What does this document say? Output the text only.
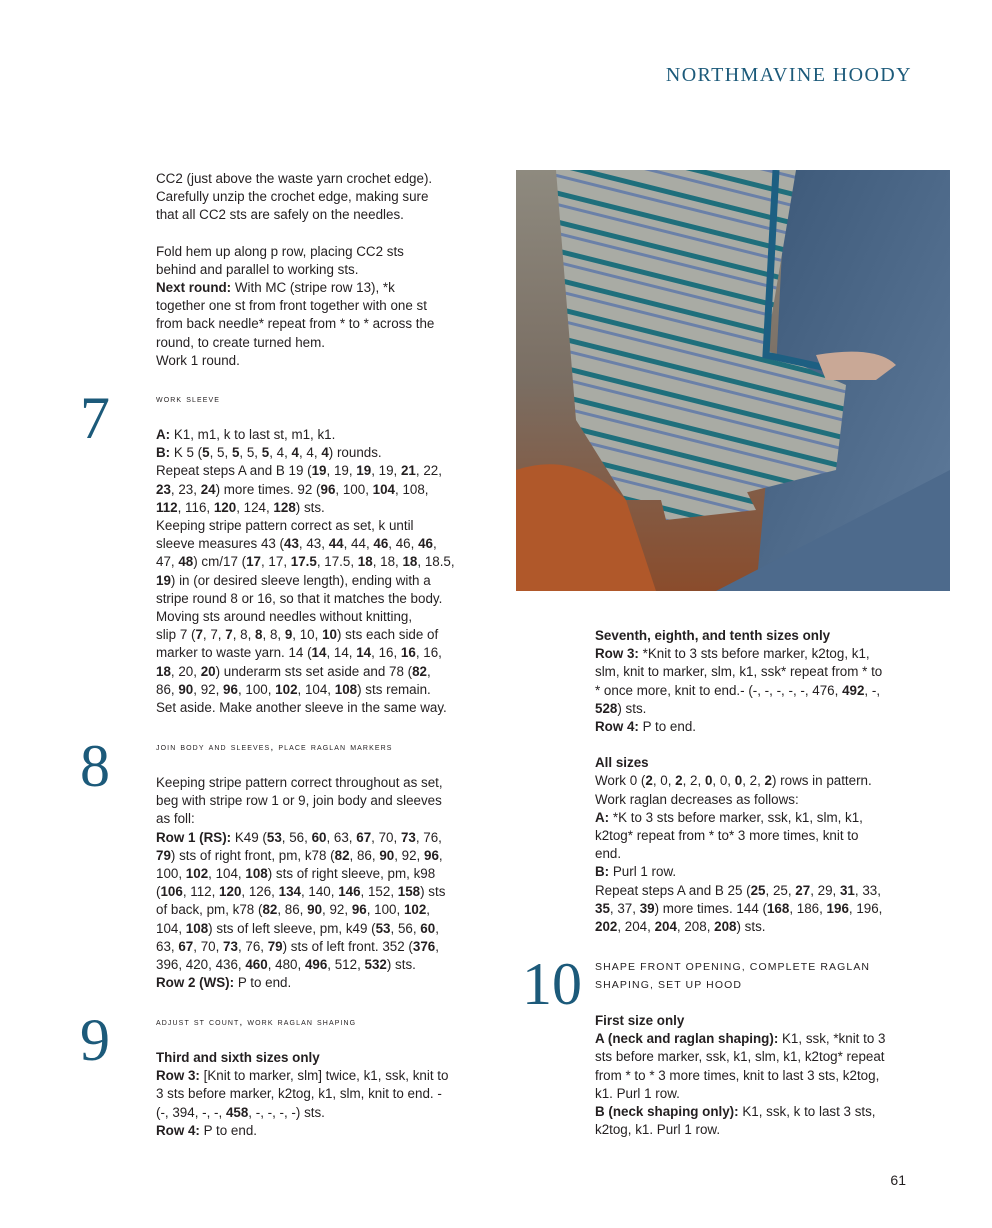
NORTHMAVINE HOODY

CC2 (just above the waste yarn crochet edge).
Carefully unzip the crochet edge, making sure
that all CC2 sts are safely on the needles.

Fold hem up along p row, placing CC2 sts
behind and parallel to working sts.
Next round: With MC (stripe row 13), *k
together one st from front together with one st
from back needle* repeat from * to * across the
round, to create turned hem.
Work 1 round.

7	work sleeve
A: K1, m1, k to last st, m1, k1.
B: K 5 (5, 5, 5, 5, 5, 4, 4, 4, 4) rounds.
Repeat steps A and B 19 (19, 19, 19, 19, 21, 22,
23, 23, 24) more times. 92 (96, 100, 104, 108,
112, 116, 120, 124, 128) sts.
Keeping stripe pattern correct as set, k until
sleeve measures 43 (43, 43, 44, 44, 46, 46, 46,
47, 48) cm/17 (17, 17, 17.5, 17.5, 18, 18, 18, 18.5,
19) in (or desired sleeve length), ending with a
stripe round 8 or 16, so that it matches the body.
Moving sts around needles without knitting,
slip 7 (7, 7, 7, 8, 8, 8, 9, 10, 10) sts each side of
marker to waste yarn. 14 (14, 14, 14, 16, 16, 16,
18, 20, 20) underarm sts set aside and 78 (82,
86, 90, 92, 96, 100, 102, 104, 108) sts remain.
Set aside. Make another sleeve in the same way.
8	join body and sleeves, place raglan markers
Keeping stripe pattern correct throughout as set,
beg with stripe row 1 or 9, join body and sleeves
as foll:
Row 1 (RS): K49 (53, 56, 60, 63, 67, 70, 73, 76,
79) sts of right front, pm, k78 (82, 86, 90, 92, 96,
100, 102, 104, 108) sts of right sleeve, pm, k98
(106, 112, 120, 126, 134, 140, 146, 152, 158) sts
of back, pm, k78 (82, 86, 90, 92, 96, 100, 102,
104, 108) sts of left sleeve, pm, k49 (53, 56, 60,
63, 67, 70, 73, 76, 79) sts of left front. 352 (376,
396, 420, 436, 460, 480, 496, 512, 532) sts.
Row 2 (WS): P to end.
9	adjust st count, work raglan shaping
Third and sixth sizes only
Row 3: [Knit to marker, slm] twice, k1, ssk, knit to
3 sts before marker, k2tog, k1, slm, knit to end. -
(-, 394, -, -, 458, -, -, -, -) sts.
Row 4: P to end.
Seventh, eighth, and tenth sizes only
Row 3: *Knit to 3 sts before marker, k2tog, k1,
slm, knit to marker, slm, k1, ssk* repeat from * to
* once more, knit to end.- (-, -, -, -, -, 476, 492, -,
528) sts.
Row 4: P to end.
All sizes
Work 0 (2, 0, 2, 2, 0, 0, 0, 2, 2) rows in pattern.
Work raglan decreases as follows:
A: *K to 3 sts before marker, ssk, k1, slm, k1,
k2tog* repeat from * to* 3 more times, knit to
end.
B: Purl 1 row.
Repeat steps A and B 25 (25, 25, 27, 29, 31, 33,
35, 37, 39) more times. 144 (168, 186, 196, 196,
202, 204, 204, 208, 208) sts.
10 SHAPE FRONT OPENING, COMPLETE RAGLAN
SHAPING, SET UP HOOD
First size only
A (neck and raglan shaping): K1, ssk, *knit to 3
sts before marker, ssk, k1, slm, k1, k2tog* repeat
from * to * 3 more times, knit to last 3 sts, k2tog,
k1. Purl 1 row.
B (neck shaping only): K1, ssk, k to last 3 sts,
k2tog, k1. Purl 1 row.
61
